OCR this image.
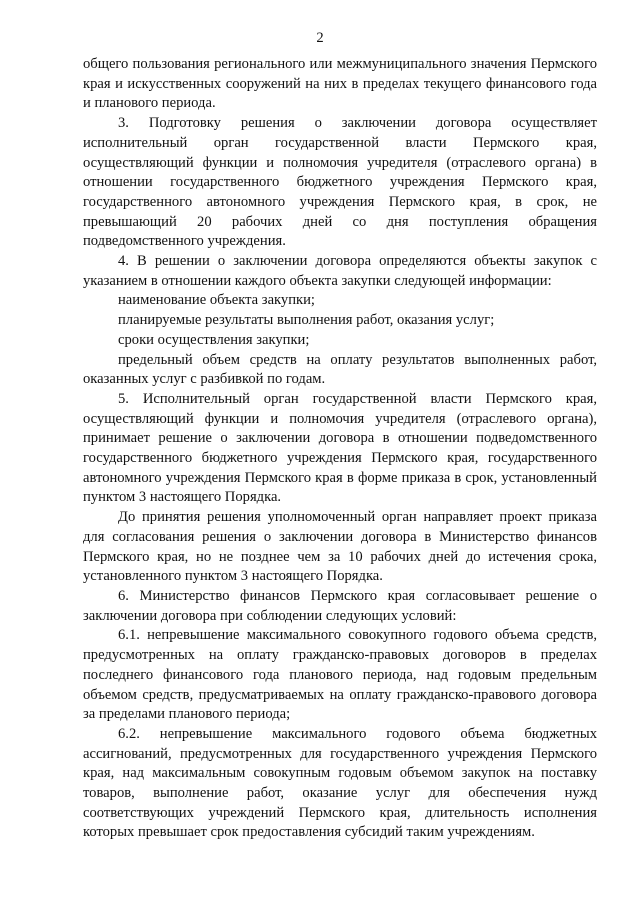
2

общего пользования регионального или межмуниципального значения Пермского края и искусственных сооружений на них в пределах текущего финансового года и планового периода.

3. Подготовку решения о заключении договора осуществляет исполнительный орган государственной власти Пермского края, осуществляющий функции и полномочия учредителя (отраслевого органа) в отношении государственного бюджетного учреждения Пермского края, государственного автономного учреждения Пермского края, в срок, не превышающий 20 рабочих дней со дня поступления обращения подведомственного учреждения.

4. В решении о заключении договора определяются объекты закупок с указанием в отношении каждого объекта закупки следующей информации:

наименование объекта закупки;

планируемые результаты выполнения работ, оказания услуг;

сроки осуществления закупки;

предельный объем средств на оплату результатов выполненных работ, оказанных услуг с разбивкой по годам.

5. Исполнительный орган государственной власти Пермского края, осуществляющий функции и полномочия учредителя (отраслевого органа), принимает решение о заключении договора в отношении подведомственного государственного бюджетного учреждения Пермского края, государственного автономного учреждения Пермского края в форме приказа в срок, установленный пунктом 3 настоящего Порядка.

До принятия решения уполномоченный орган направляет проект приказа для согласования решения о заключении договора в Министерство финансов Пермского края, но не позднее чем за 10 рабочих дней до истечения срока, установленного пунктом 3 настоящего Порядка.

6. Министерство финансов Пермского края согласовывает решение о заключении договора при соблюдении следующих условий:

6.1. непревышение максимального совокупного годового объема средств, предусмотренных на оплату гражданско-правовых договоров в пределах последнего финансового года планового периода, над годовым предельным объемом средств, предусматриваемых на оплату гражданско-правового договора за пределами планового периода;

6.2. непревышение максимального годового объема бюджетных ассигнований, предусмотренных для государственного учреждения Пермского края, над максимальным совокупным годовым объемом закупок на поставку товаров, выполнение работ, оказание услуг для обеспечения нужд соответствующих учреждений Пермского края, длительность исполнения которых превышает срок предоставления субсидий таким учреждениям.
